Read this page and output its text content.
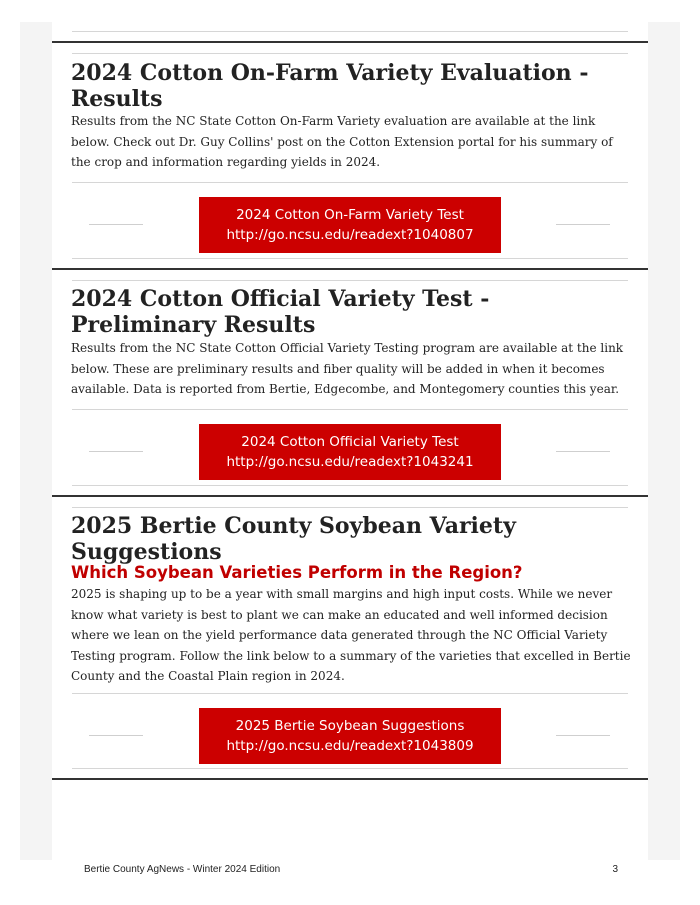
2024 Cotton On-Farm Variety Evaluation - Results

Results from the NC State Cotton On-Farm Variety evaluation are available at the link below. Check out Dr. Guy Collins' post on the Cotton Extension portal for his summary of the crop and information regarding yields in 2024.

2024 Cotton On-Farm Variety Test
http://go.ncsu.edu/readext?1040807
2024 Cotton Official Variety Test - Preliminary Results

Results from the NC State Cotton Official Variety Testing program are available at the link below. These are preliminary results and fiber quality will be added in when it becomes available. Data is reported from Bertie, Edgecombe, and Montegomery counties this year.

2024 Cotton Official Variety Test
http://go.ncsu.edu/readext?1043241
2025 Bertie County Soybean Variety Suggestions
Which Soybean Varieties Perform in the Region?

2025 is shaping up to be a year with small margins and high input costs. While we never know what variety is best to plant we can make an educated and well informed decision where we lean on the yield performance data generated through the NC Official Variety Testing program. Follow the link below to a summary of the varieties that excelled in Bertie County and the Coastal Plain region in 2024.

2025 Bertie Soybean Suggestions
http://go.ncsu.edu/readext?1043809
Bertie County AgNews - Winter 2024 Edition	3
